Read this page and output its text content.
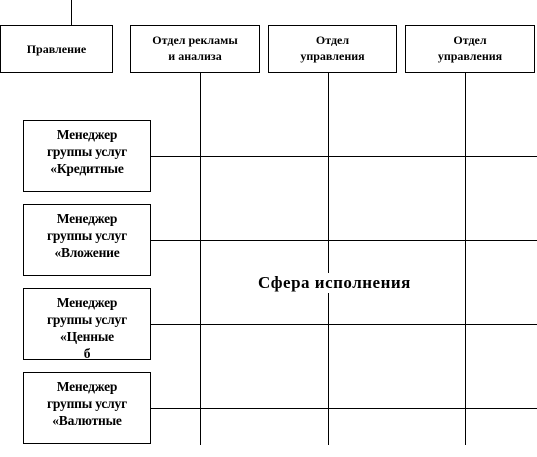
Правление
Отдел рекламы
и анализа
Отдел
управления
Отдел
управления
Менеджер
группы услуг
«Кредитные
Менеджер
группы услуг
«Вложение
Менеджер
группы услуг
«Ценные
б
Менеджер
группы услуг
«Валютные
Сфера исполнения
